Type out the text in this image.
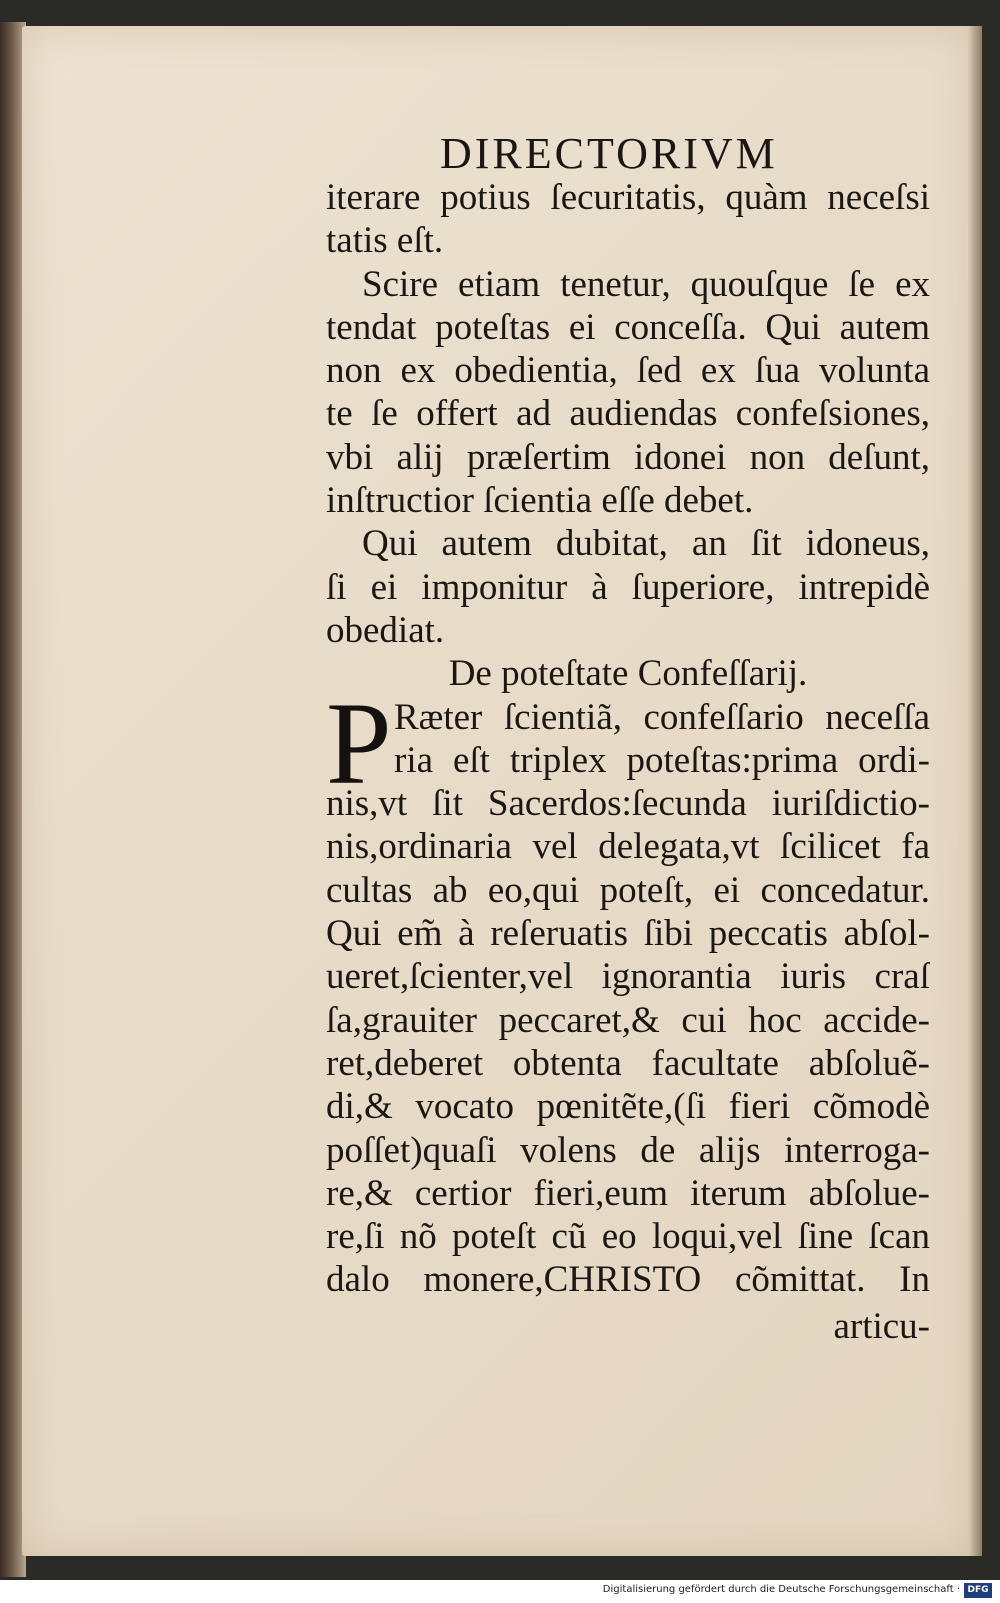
DIRECTORIVM
iterare potius ſecuritatis, quàm neceſsi
tatis eſt.
Scire etiam tenetur, quouſque ſe ex
tendat poteſtas ei conceſſa. Qui autem
non ex obedientia, ſed ex ſua volunta
te ſe offert ad audiendas confeſsiones,
vbi alij præſertim idonei non deſunt,
inſtructior ſcientia eſſe debet.
Qui autem dubitat, an ſit idoneus,
ſi ei imponitur à ſuperiore, intrepidè
obediat.
De poteſtate Confeſſarij.
P Ræter ſcientiã, confeſſario neceſſa
ria eſt triplex poteſtas:prima ordi-
nis,vt ſit Sacerdos:ſecunda iuriſdictio-
nis,ordinaria vel delegata,vt ſcilicet fa
cultas ab eo,qui poteſt, ei concedatur.
Qui em̃ à reſeruatis ſibi peccatis abſol-
ueret,ſcienter,vel ignorantia iuris craſ
ſa,grauiter peccaret,& cui hoc accide-
ret,deberet obtenta facultate abſoluẽ-
di,& vocato pœnitẽte,(ſi fieri cõmodè
poſſet)quaſi volens de alijs interroga-
re,& certior fieri,eum iterum abſolue-
re,ſi nõ poteſt cũ eo loqui,vel ſine ſcan
dalo monere,CHRISTO cõmittat. In
articu-
Digitalisierung gefördert durch die Deutsche Forschungsgemeinschaft · DFG
